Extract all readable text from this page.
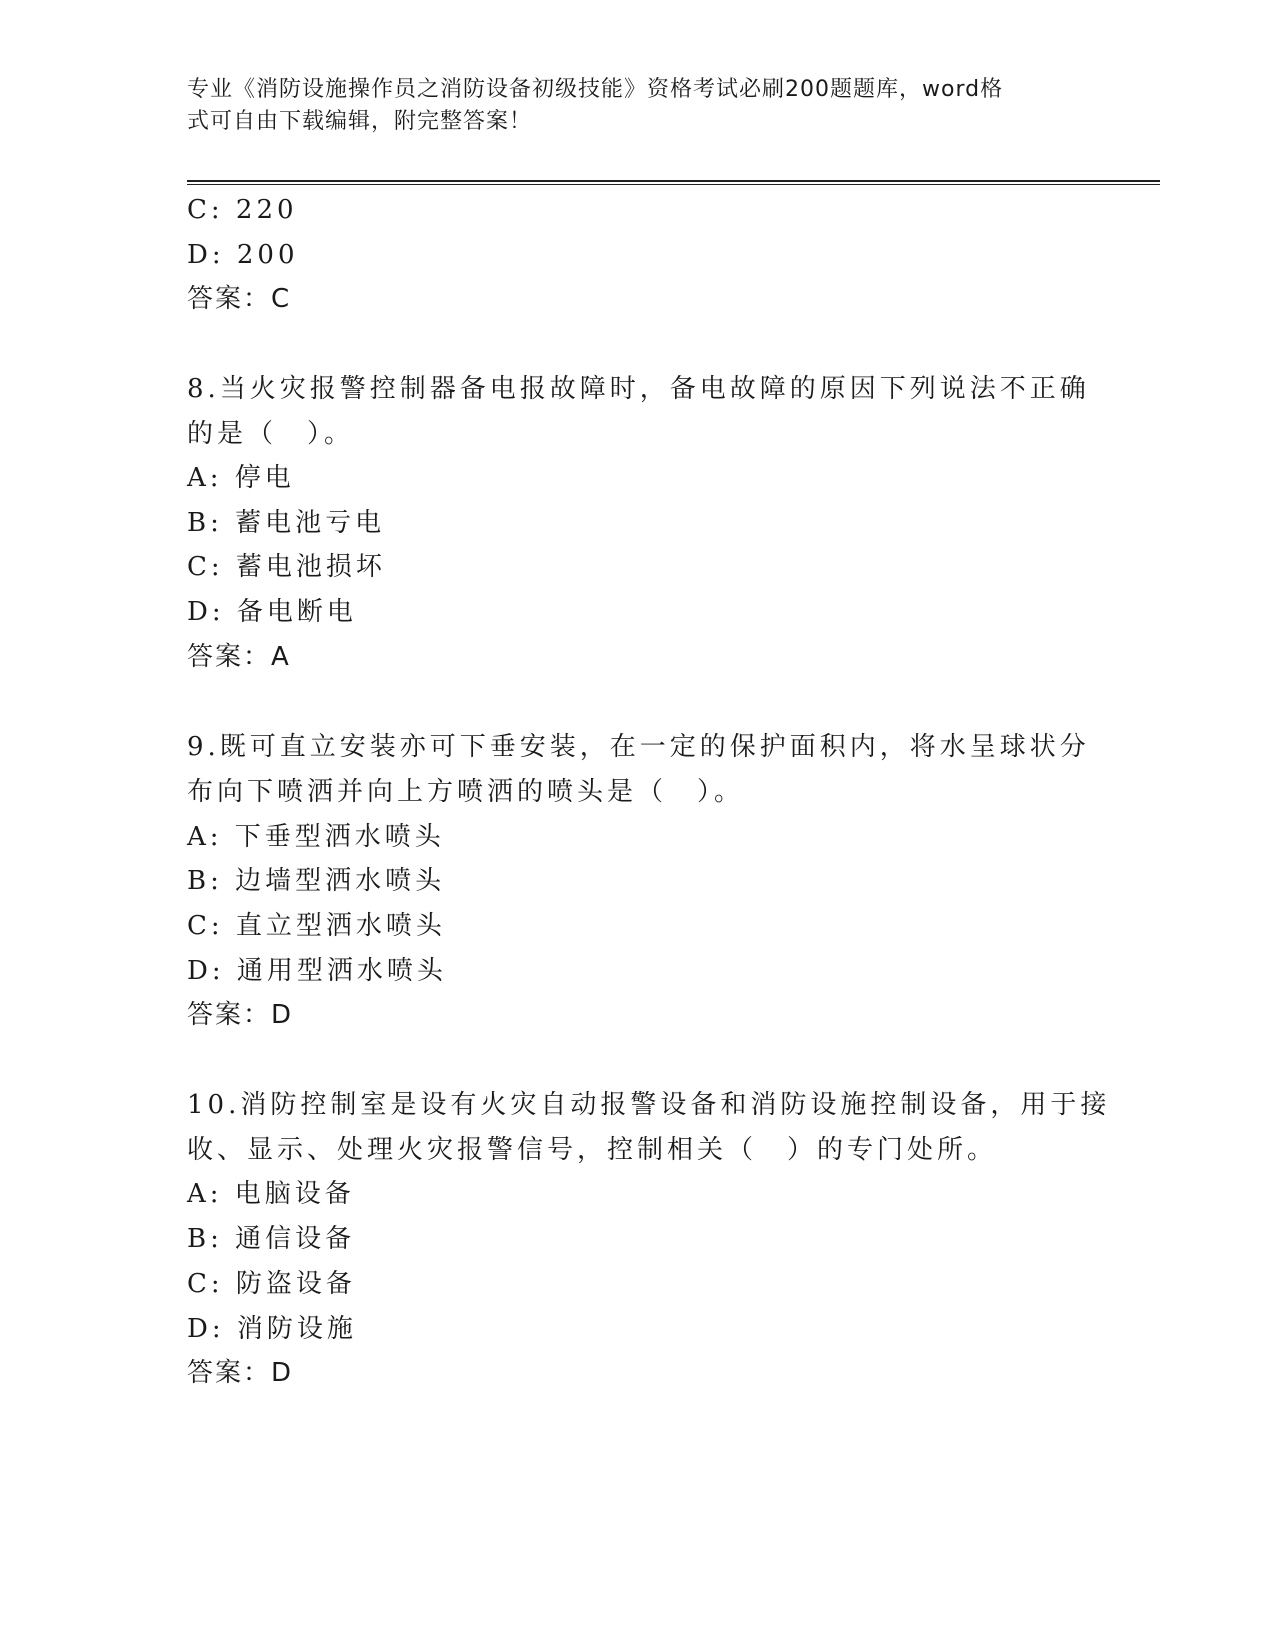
专业《消防设施操作员之消防设备初级技能》资格考试必刷200题题库，word格
式可自由下载编辑，附完整答案！
C: 220
D: 200
答案：C
8.当火灾报警控制器备电报故障时，备电故障的原因下列说法不正确
的是（　）。
A: 停电
B: 蓄电池亏电
C: 蓄电池损坏
D: 备电断电
答案：A
9.既可直立安装亦可下垂安装，在一定的保护面积内，将水呈球状分
布向下喷洒并向上方喷洒的喷头是（　）。
A: 下垂型洒水喷头
B: 边墙型洒水喷头
C: 直立型洒水喷头
D: 通用型洒水喷头
答案：D
10.消防控制室是设有火灾自动报警设备和消防设施控制设备，用于接
收、显示、处理火灾报警信号，控制相关（　）的专门处所。
A: 电脑设备
B: 通信设备
C: 防盗设备
D: 消防设施
答案：D
